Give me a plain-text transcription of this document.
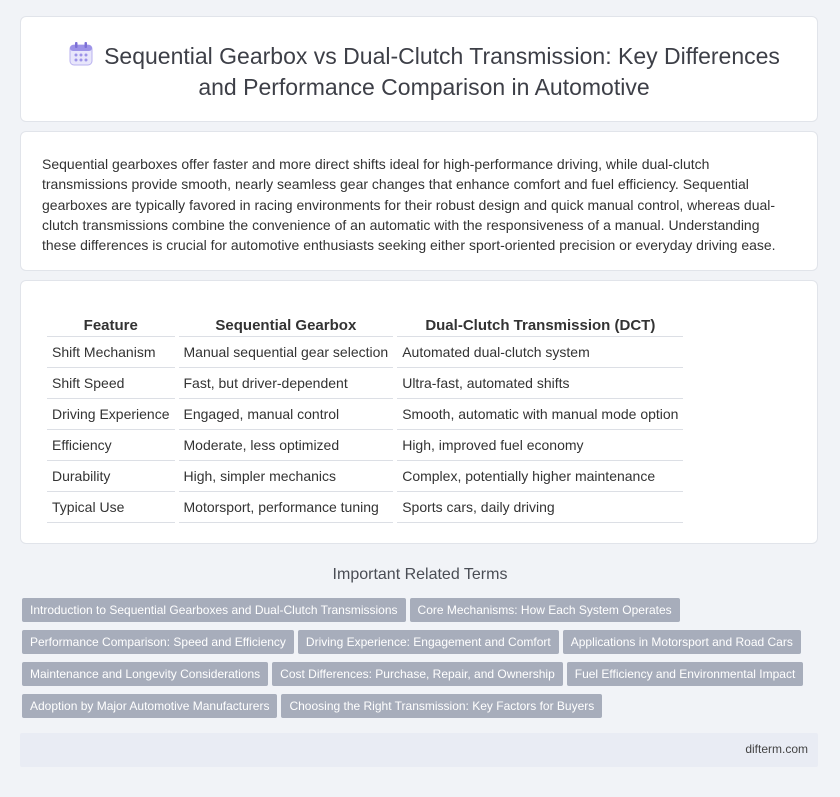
Sequential Gearbox vs Dual-Clutch Transmission: Key Differences and Performance Comparison in Automotive

Sequential gearboxes offer faster and more direct shifts ideal for high-performance driving, while dual-clutch transmissions provide smooth, nearly seamless gear changes that enhance comfort and fuel efficiency. Sequential gearboxes are typically favored in racing environments for their robust design and quick manual control, whereas dual-clutch transmissions combine the convenience of an automatic with the responsiveness of a manual. Understanding these differences is crucial for automotive enthusiasts seeking either sport-oriented precision or everyday driving ease.

Feature	Sequential Gearbox	Dual-Clutch Transmission (DCT)
Shift Mechanism	Manual sequential gear selection	Automated dual-clutch system
Shift Speed	Fast, but driver-dependent	Ultra-fast, automated shifts
Driving Experience	Engaged, manual control	Smooth, automatic with manual mode option
Efficiency	Moderate, less optimized	High, improved fuel economy
Durability	High, simpler mechanics	Complex, potentially higher maintenance
Typical Use	Motorsport, performance tuning	Sports cars, daily driving
Important Related Terms
Introduction to Sequential Gearboxes and Dual-Clutch Transmissions Core Mechanisms: How Each System Operates
Performance Comparison: Speed and Efficiency Driving Experience: Engagement and Comfort Applications in Motorsport and Road Cars
Maintenance and Longevity Considerations Cost Differences: Purchase, Repair, and Ownership Fuel Efficiency and Environmental Impact
Adoption by Major Automotive Manufacturers Choosing the Right Transmission: Key Factors for Buyers
difterm.com
